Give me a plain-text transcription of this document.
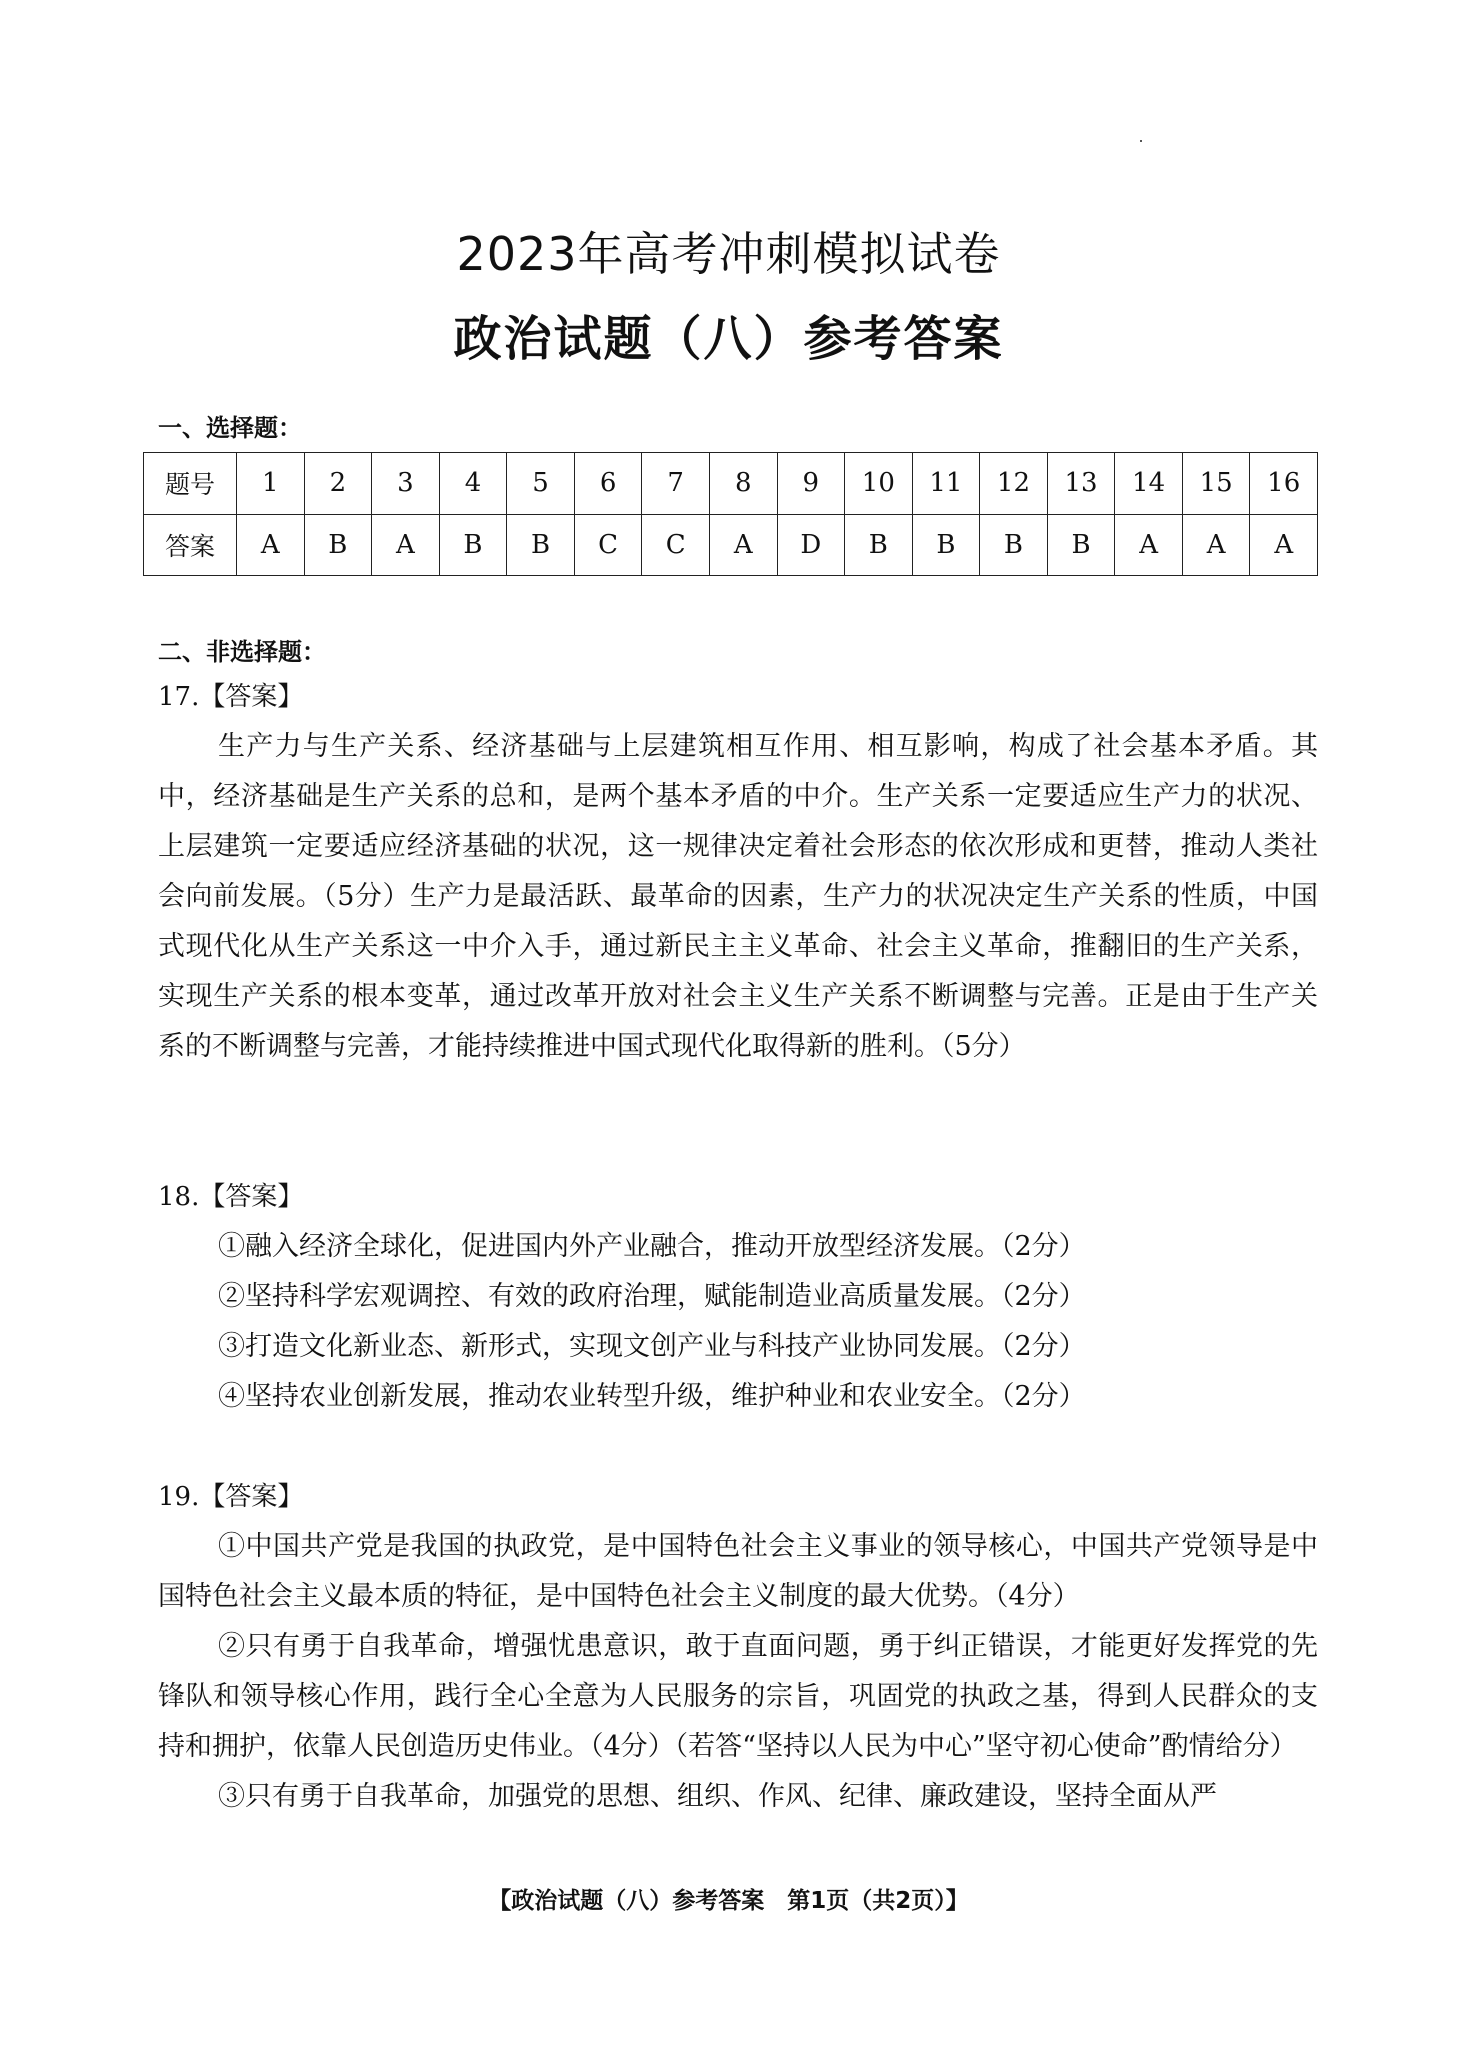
2023年高考冲刺模拟试卷
政治试题（八）参考答案
一、选择题：
题号	1	2	3	4	5	6	7	8	9	10	11	12	13	14	15	16
答案	A	B	A	B	B	C	C	A	D	B	B	B	B	A	A	A
二、非选择题：
17.【答案】

生产力与生产关系、经济基础与上层建筑相互作用、相互影响，构成了社会基本矛盾。其中，经济基础是生产关系的总和，是两个基本矛盾的中介。生产关系一定要适应生产力的状况、上层建筑一定要适应经济基础的状况，这一规律决定着社会形态的依次形成和更替，推动人类社会向前发展。（5分）生产力是最活跃、最革命的因素，生产力的状况决定生产关系的性质，中国式现代化从生产关系这一中介入手，通过新民主主义革命、社会主义革命，推翻旧的生产关系，实现生产关系的根本变革，通过改革开放对社会主义生产关系不断调整与完善。正是由于生产关系的不断调整与完善，才能持续推进中国式现代化取得新的胜利。（5分）

18.【答案】

①融入经济全球化，促进国内外产业融合，推动开放型经济发展。（2分）

②坚持科学宏观调控、有效的政府治理，赋能制造业高质量发展。（2分）

③打造文化新业态、新形式，实现文创产业与科技产业协同发展。（2分）

④坚持农业创新发展，推动农业转型升级，维护种业和农业安全。（2分）

19.【答案】

①中国共产党是我国的执政党，是中国特色社会主义事业的领导核心，中国共产党领导是中国特色社会主义最本质的特征，是中国特色社会主义制度的最大优势。（4分）

②只有勇于自我革命，增强忧患意识，敢于直面问题，勇于纠正错误，才能更好发挥党的先锋队和领导核心作用，践行全心全意为人民服务的宗旨，巩固党的执政之基，得到人民群众的支持和拥护，依靠人民创造历史伟业。（4分）（若答“坚持以人民为中心”坚守初心使命”酌情给分）

③只有勇于自我革命，加强党的思想、组织、作风、纪律、廉政建设，坚持全面从严

【政治试题（八）参考答案　第1页（共2页）】
